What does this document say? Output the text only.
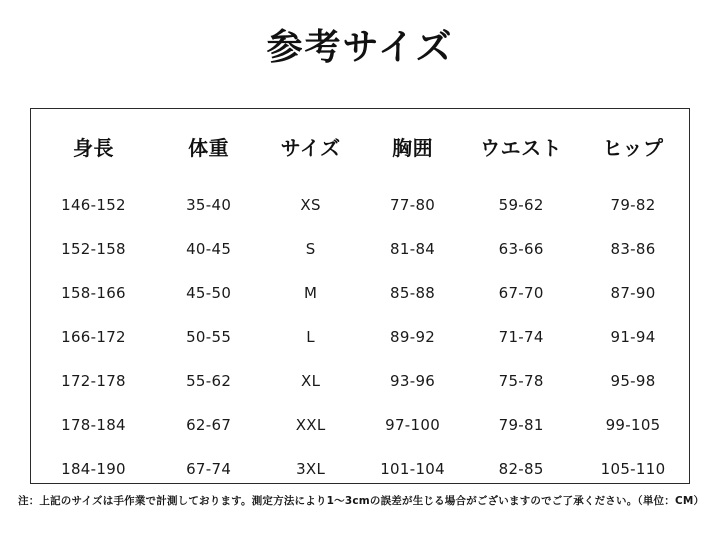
参考サイズ
身長	体重	サイズ	胸囲	ウエスト	ヒップ
146-152	35-40	XS	77-80	59-62	79-82
152-158	40-45	S	81-84	63-66	83-86
158-166	45-50	M	85-88	67-70	87-90
166-172	50-55	L	89-92	71-74	91-94
172-178	55-62	XL	93-96	75-78	95-98
178-184	62-67	XXL	97-100	79-81	99-105
184-190	67-74	3XL	101-104	82-85	105-110
注：上記のサイズは手作業で計測しております。測定方法により1～3cmの誤差が生じる場合がございますのでご了承ください。（単位：CM）
